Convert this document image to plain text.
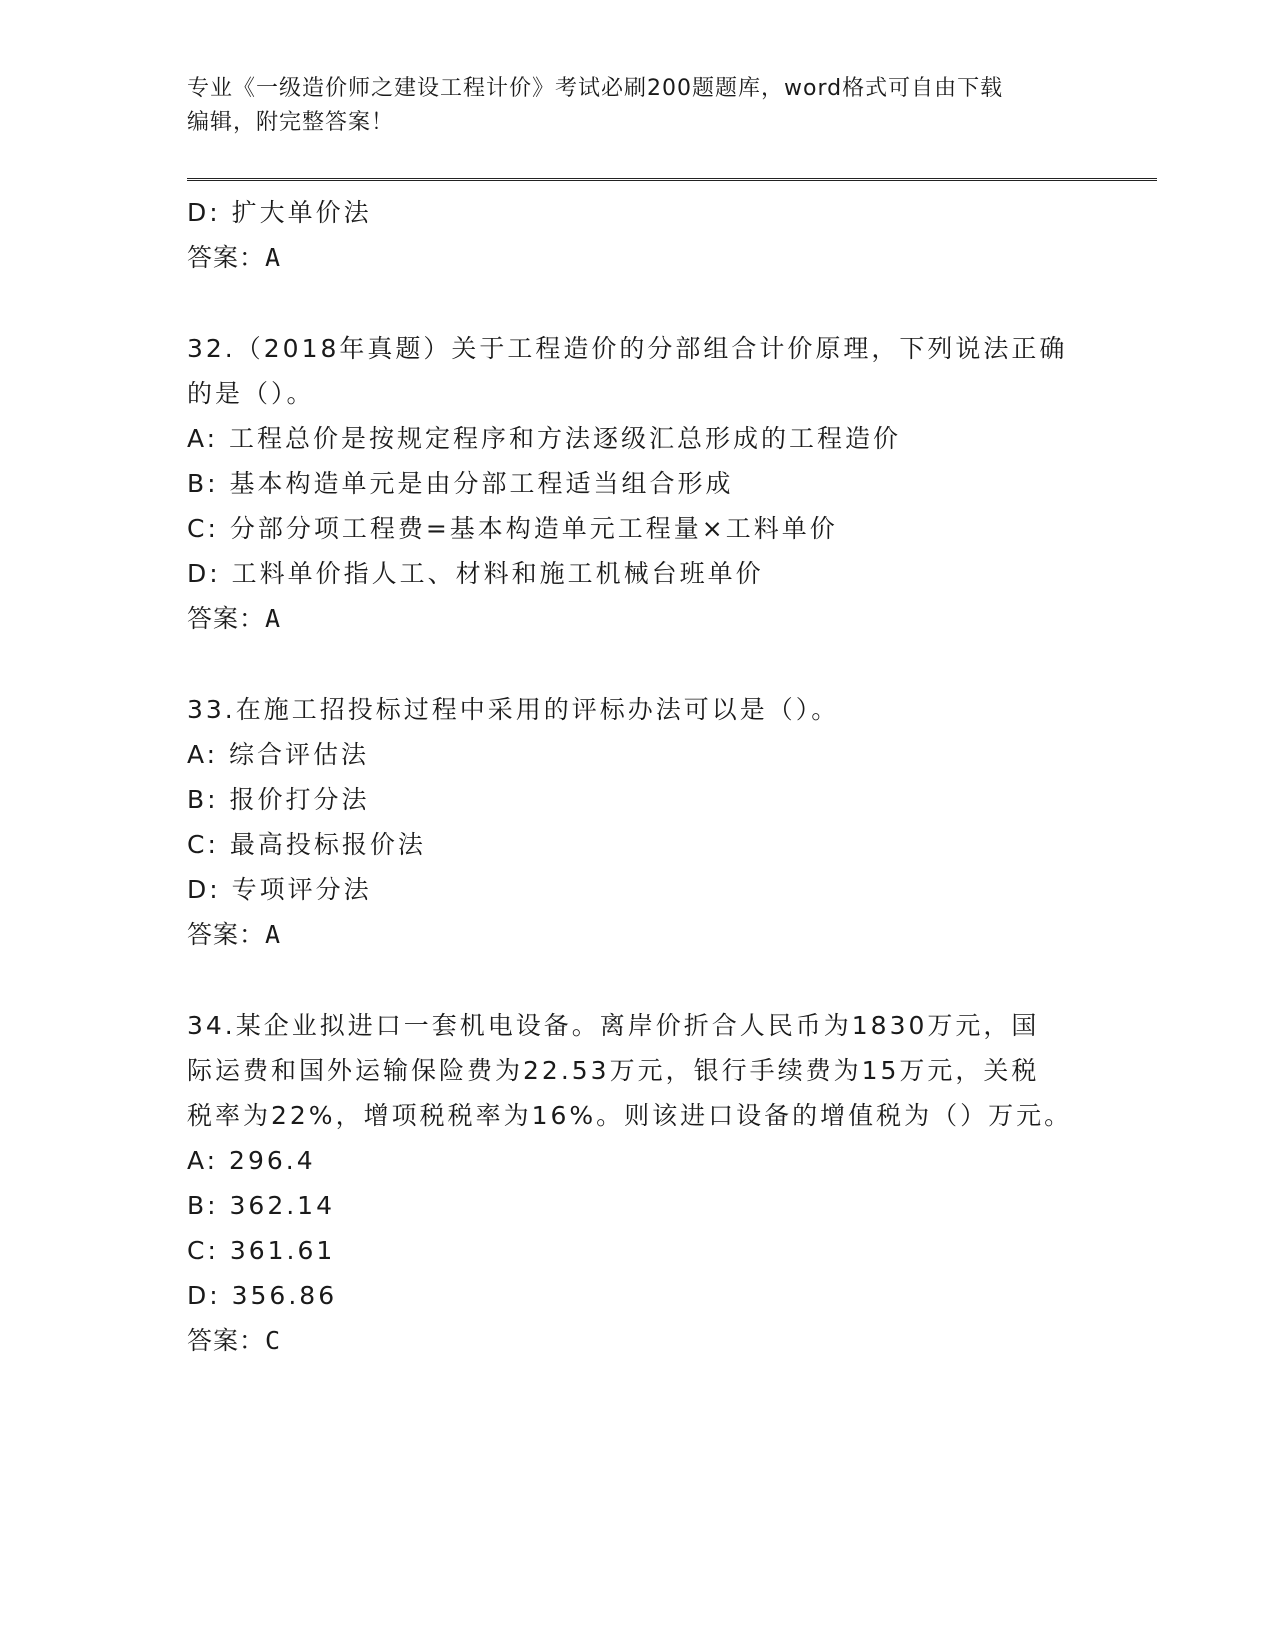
专业《一级造价师之建设工程计价》考试必刷200题题库，word格式可自由下载
编辑，附完整答案！
D: 扩大单价法
答案：A
32.（2018年真题）关于工程造价的分部组合计价原理，下列说法正确
的是（）。
A: 工程总价是按规定程序和方法逐级汇总形成的工程造价
B: 基本构造单元是由分部工程适当组合形成
C: 分部分项工程费=基本构造单元工程量×工料单价
D: 工料单价指人工、材料和施工机械台班单价
答案：A
33.在施工招投标过程中采用的评标办法可以是（）。
A: 综合评估法
B: 报价打分法
C: 最高投标报价法
D: 专项评分法
答案：A
34.某企业拟进口一套机电设备。离岸价折合人民币为1830万元，国
际运费和国外运输保险费为22.53万元，银行手续费为15万元，关税
税率为22%，增项税税率为16%。则该进口设备的增值税为（）万元。
A: 296.4
B: 362.14
C: 361.61
D: 356.86
答案：C
